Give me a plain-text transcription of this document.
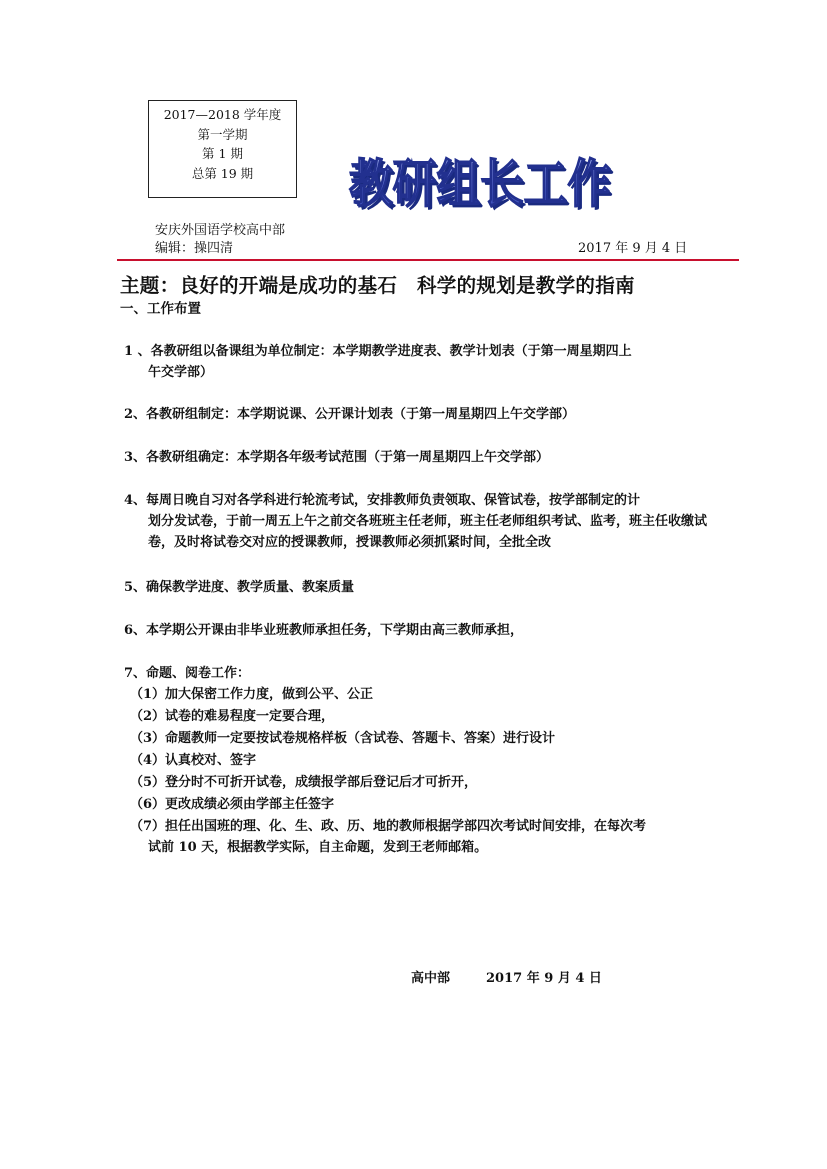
2017—2018 学年度
第一学期
第 1 期
总第 19 期	教研组长工作
教研组长工作
安庆外国语学校高中部
编辑：操四清	2017 年 9 月 4 日
主题：良好的开端是成功的基石　科学的规划是教学的指南
一、工作布置
1 、各教研组以备课组为单位制定：本学期教学进度表、教学计划表（于第一周星期四上
午交学部）
2、各教研组制定：本学期说课、公开课计划表（于第一周星期四上午交学部）
3、各教研组确定：本学期各年级考试范围（于第一周星期四上午交学部）
4、每周日晚自习对各学科进行轮流考试，安排教师负责领取、保管试卷，按学部制定的计
划分发试卷，于前一周五上午之前交各班班主任老师，班主任老师组织考试、监考，班主任收缴试卷，及时将试卷交对应的授课教师，授课教师必须抓紧时间，全批全改
5、确保教学进度、教学质量、教案质量
6、本学期公开课由非毕业班教师承担任务，下学期由高三教师承担，
7、命题、阅卷工作：
（1）加大保密工作力度，做到公平、公正
（2）试卷的难易程度一定要合理，
（3）命题教师一定要按试卷规格样板（含试卷、答题卡、答案）进行设计
（4）认真校对、签字
（5）登分时不可折开试卷，成绩报学部后登记后才可折开，
（6）更改成绩必须由学部主任签字
（7）担任出国班的理、化、生、政、历、地的教师根据学部四次考试时间安排，在每次考
试前 10 天，根据教学实际，自主命题，发到王老师邮箱。
高中部	2017 年 9 月 4 日
